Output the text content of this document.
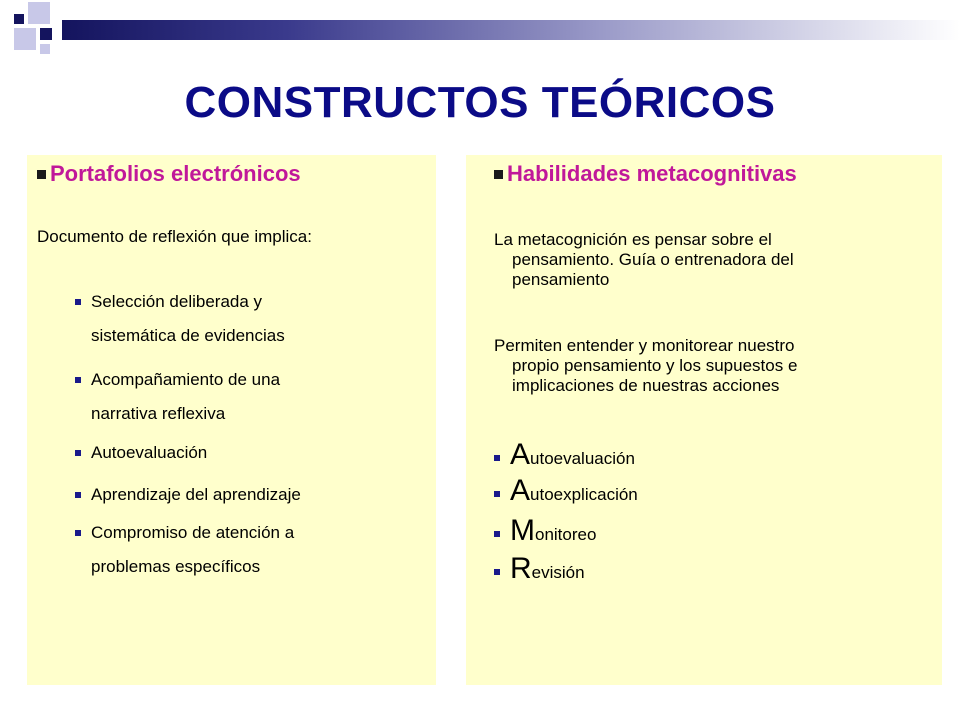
CONSTRUCTOS TEÓRICOS
Portafolios electrónicos
Documento de reflexión que implica:
Selección deliberada y
sistemática de evidencias
Acompañamiento de una
narrativa reflexiva
Autoevaluación
Aprendizaje del aprendizaje
Compromiso de atención a
problemas específicos
Habilidades metacognitivas
La metacognición es pensar sobre el
pensamiento. Guía o entrenadora del
pensamiento
Permiten entender y monitorear nuestro
propio pensamiento y los supuestos e
implicaciones de nuestras acciones
A utoevaluación
A utoexplicación
M onitoreo
R evisión
